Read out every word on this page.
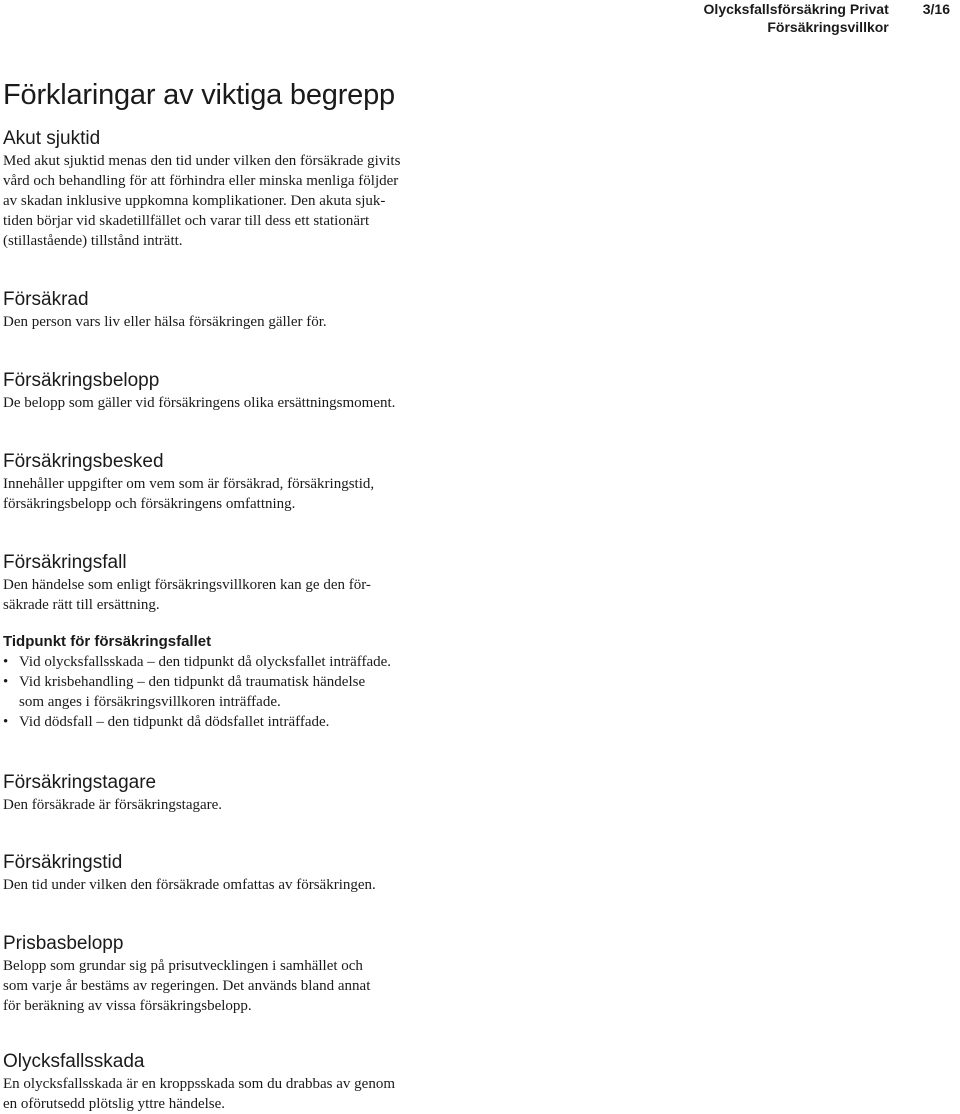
Olycksfallsförsäkring Privat
Försäkringsvillkor
3/16
Förklaringar av viktiga begrepp
Akut sjuktid

Med akut sjuktid menas den tid under vilken den försäkrade givits
vård och behandling för att förhindra eller minska menliga följder
av skadan inklusive uppkomna komplikationer. Den akuta sjuk-
tiden börjar vid skadetillfället och varar till dess ett stationärt
(stillastående) tillstånd inträtt.

Försäkrad

Den person vars liv eller hälsa försäkringen gäller för.

Försäkringsbelopp

De belopp som gäller vid försäkringens olika ersättningsmoment.

Försäkringsbesked

Innehåller uppgifter om vem som är försäkrad, försäkringstid,
försäkringsbelopp och försäkringens omfattning.

Försäkringsfall

Den händelse som enligt försäkringsvillkoren kan ge den för-
säkrade rätt till ersättning.

Tidpunkt för försäkringsfallet
• Vid olycksfallsskada – den tidpunkt då olycksfallet inträffade.
• Vid krisbehandling – den tidpunkt då traumatisk händelse
som anges i försäkringsvillkoren inträffade.
• Vid dödsfall – den tidpunkt då dödsfallet inträffade.
Försäkringstagare

Den försäkrade är försäkringstagare.

Försäkringstid

Den tid under vilken den försäkrade omfattas av försäkringen.

Prisbasbelopp

Belopp som grundar sig på prisutvecklingen i samhället och
som varje år bestäms av regeringen. Det används bland annat
för beräkning av vissa försäkringsbelopp.

Olycksfallsskada

En olycksfallsskada är en kroppsskada som du drabbas av genom
en oförutsedd plötslig yttre händelse.
